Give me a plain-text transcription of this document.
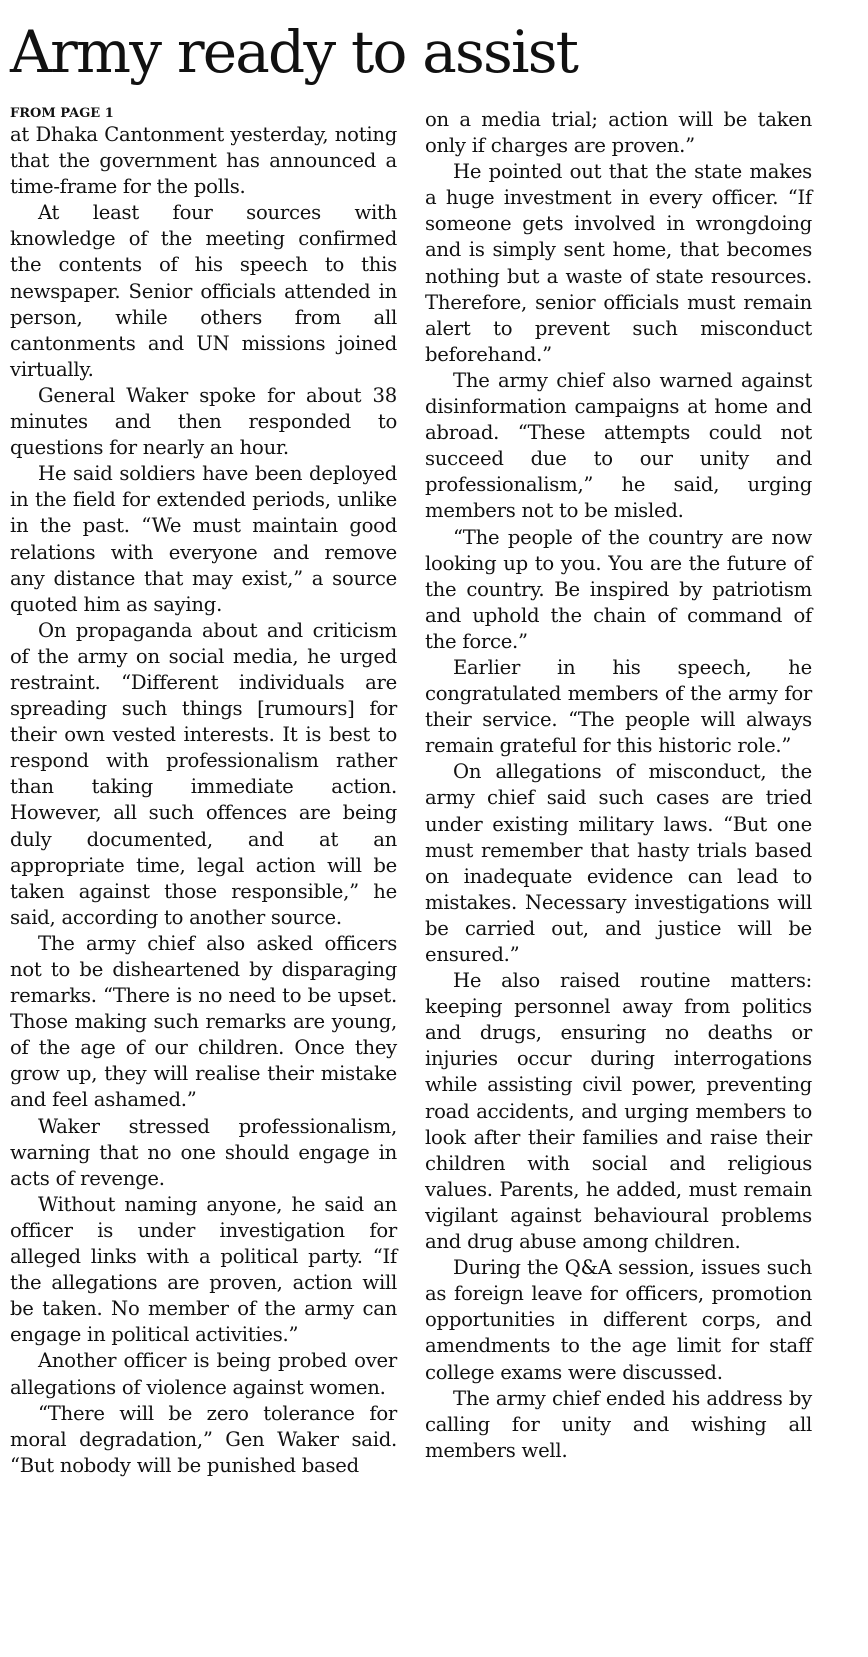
Army ready to assist
FROM PAGE 1

at Dhaka Cantonment yesterday, noting that the government has announced a time-frame for the polls.

At least four sources with knowledge of the meeting confirmed the contents of his speech to this newspaper. Senior officials attended in person, while others from all cantonments and UN missions joined virtually.

General Waker spoke for about 38 minutes and then responded to questions for nearly an hour.

He said soldiers have been deployed in the field for extended periods, unlike in the past. “We must maintain good relations with everyone and remove any distance that may exist,” a source quoted him as saying.

On propaganda about and criticism of the army on social media, he urged restraint. “Different individuals are spreading such things [rumours] for their own vested interests. It is best to respond with professionalism rather than taking immediate action. However, all such offences are being duly documented, and at an appropriate time, legal action will be taken against those responsible,” he said, according to another source.

The army chief also asked officers not to be disheartened by disparaging remarks. “There is no need to be upset. Those making such remarks are young, of the age of our children. Once they grow up, they will realise their mistake and feel ashamed.”

Waker stressed professionalism, warning that no one should engage in acts of revenge.

Without naming anyone, he said an officer is under investigation for alleged links with a political party. “If the allegations are proven, action will be taken. No member of the army can engage in political activities.”

Another officer is being probed over allegations of violence against women.

“There will be zero tolerance for moral degradation,” Gen Waker said. “But nobody will be punished based

on a media trial; action will be taken only if charges are proven.”

He pointed out that the state makes a huge investment in every officer. “If someone gets involved in wrongdoing and is simply sent home, that becomes nothing but a waste of state resources. Therefore, senior officials must remain alert to prevent such misconduct beforehand.”

The army chief also warned against disinformation campaigns at home and abroad. “These attempts could not succeed due to our unity and professionalism,” he said, urging members not to be misled.

“The people of the country are now looking up to you. You are the future of the country. Be inspired by patriotism and uphold the chain of command of the force.”

Earlier in his speech, he congratulated members of the army for their service. “The people will always remain grateful for this historic role.”

On allegations of misconduct, the army chief said such cases are tried under existing military laws. “But one must remember that hasty trials based on inadequate evidence can lead to mistakes. Necessary investigations will be carried out, and justice will be ensured.”

He also raised routine matters: keeping personnel away from politics and drugs, ensuring no deaths or injuries occur during interrogations while assisting civil power, preventing road accidents, and urging members to look after their families and raise their children with social and religious values. Parents, he added, must remain vigilant against behavioural problems and drug abuse among children.

During the Q&A session, issues such as foreign leave for officers, promotion opportunities in different corps, and amendments to the age limit for staff college exams were discussed.

The army chief ended his address by calling for unity and wishing all members well.
